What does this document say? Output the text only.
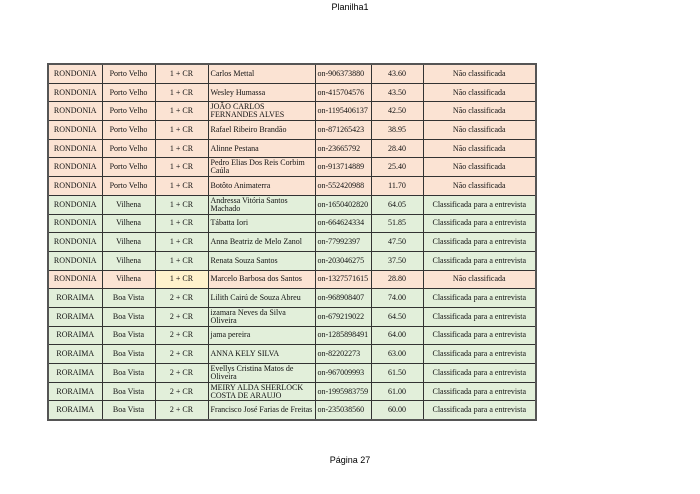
Planilha1
RONDONIA	Porto Velho	1 + CR	Carlos Mettal	on-906373880	43.60	Não classificada
RONDONIA	Porto Velho	1 + CR	Wesley Humassa	on-415704576	43.50	Não classificada
RONDONIA	Porto Velho	1 + CR	JOÃO CARLOS FERNANDES ALVES	on-1195406137	42.50	Não classificada
RONDONIA	Porto Velho	1 + CR	Rafael Ribeiro Brandão	on-871265423	38.95	Não classificada
RONDONIA	Porto Velho	1 + CR	Alinne Pestana	on-23665792	28.40	Não classificada
RONDONIA	Porto Velho	1 + CR	Pedro Elias Dos Reis Corbim Caúla	on-913714889	25.40	Não classificada
RONDONIA	Porto Velho	1 + CR	Botôto Animaterra	on-552420988	11.70	Não classificada
RONDONIA	Vilhena	1 + CR	Andressa Vitória Santos Machado	on-1650402820	64.05	Classificada para a entrevista
RONDONIA	Vilhena	1 + CR	Tábatta Iori	on-664624334	51.85	Classificada para a entrevista
RONDONIA	Vilhena	1 + CR	Anna Beatriz de Melo Zanol	on-77992397	47.50	Classificada para a entrevista
RONDONIA	Vilhena	1 + CR	Renata Souza Santos	on-203046275	37.50	Classificada para a entrevista
RONDONIA	Vilhena	1 + CR	Marcelo Barbosa dos Santos	on-1327571615	28.80	Não classificada
RORAIMA	Boa Vista	2 + CR	Lilith Cairú de Souza Abreu	on-968908407	74.00	Classificada para a entrevista
RORAIMA	Boa Vista	2 + CR	izamara Neves da Silva Oliveira	on-679219022	64.50	Classificada para a entrevista
RORAIMA	Boa Vista	2 + CR	jama pereira	on-1285898491	64.00	Classificada para a entrevista
RORAIMA	Boa Vista	2 + CR	ANNA KELY SILVA	on-82202273	63.00	Classificada para a entrevista
RORAIMA	Boa Vista	2 + CR	Evellys Cristina Matos de Oliveira	on-967009993	61.50	Classificada para a entrevista
RORAIMA	Boa Vista	2 + CR	MEIRY ALDA SHERLOCK COSTA DE ARAUJO	on-1995983759	61.00	Classificada para a entrevista
RORAIMA	Boa Vista	2 + CR	Francisco José Farias de Freitas	on-235038560	60.00	Classificada para a entrevista
Página 27
